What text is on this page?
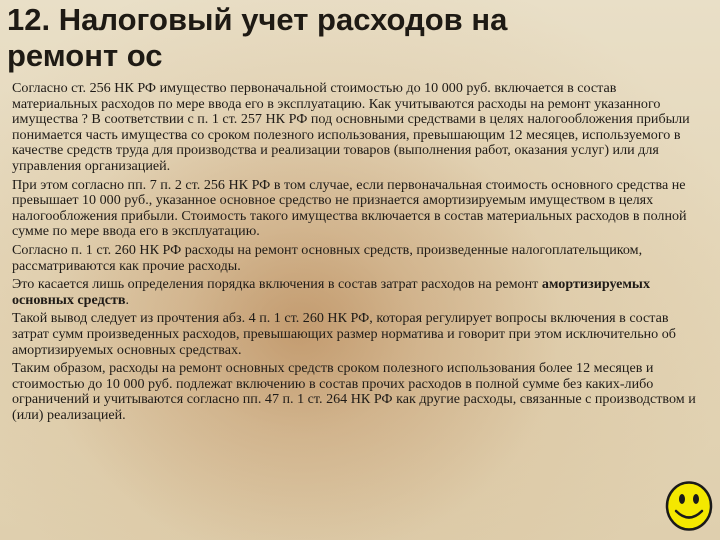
12. Налоговый учет расходов на
ремонт ос

Согласно ст. 256 НК РФ имущество первоначальной стоимостью до 10 000 руб. включается в состав материальных расходов по мере ввода его в эксплуатацию. Как учитываются расходы на ремонт указанного имущества ? В соответствии с п. 1 ст. 257 НК РФ под основными средствами в целях налогообложения прибыли понимается часть имущества со сроком полезного использования, превышающим 12 месяцев, используемого в качестве средств труда для производства и реализации товаров (выполнения работ, оказания услуг) или для управления организацией.

При этом согласно пп. 7 п. 2 ст. 256 НК РФ в том случае, если первоначальная стоимость основного средства не превышает 10 000 руб., указанное основное средство не признается амортизируемым имуществом в целях налогообложения прибыли. Стоимость такого имущества включается в состав материальных расходов в полной сумме по мере ввода его в эксплуатацию.

Согласно п. 1 ст. 260 НК РФ расходы на ремонт основных средств, произведенные налогоплательщиком, рассматриваются как прочие расходы.

Это касается лишь определения порядка включения в состав затрат расходов на ремонт амортизируемых основных средств.

Такой вывод следует из прочтения абз. 4 п. 1 ст. 260 НК РФ, которая регулирует вопросы включения в состав затрат сумм произведенных расходов, превышающих размер норматива и говорит при этом исключительно об амортизируемых основных средствах.

Таким образом, расходы на ремонт основных средств сроком полезного использования более 12 месяцев и стоимостью до 10 000 руб. подлежат включению в состав прочих расходов в полной сумме без каких-либо ограничений и учитываются согласно пп. 47 п. 1 ст. 264 НК РФ как другие расходы, связанные с производством и (или) реализацией.
